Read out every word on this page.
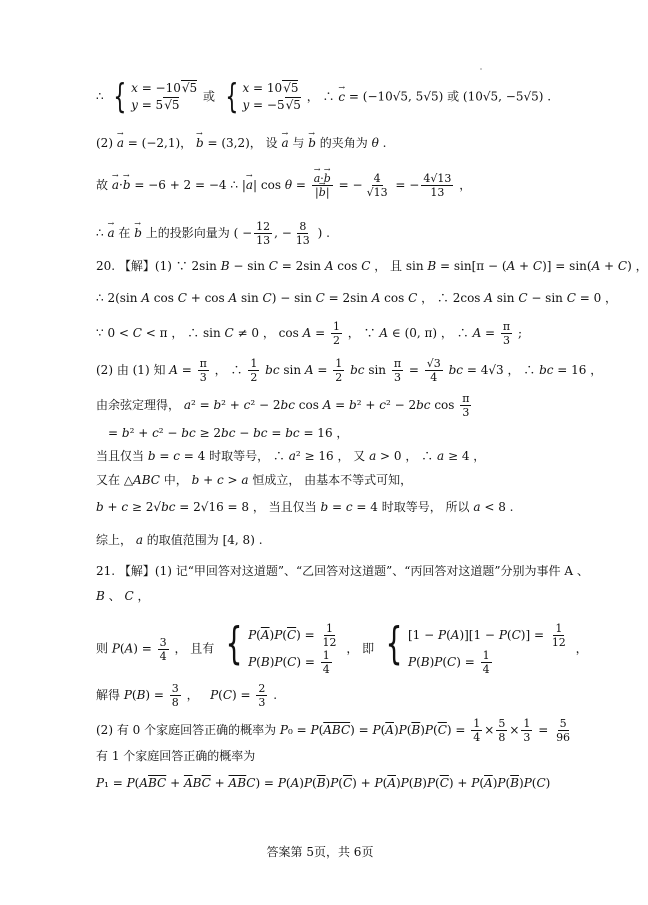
∴ { x = −10√5
y = 5√5
或 { x = 10√5
y = −5√5
， ∴ → c = (−10√5, 5√5) 或 (10√5, −5√5) .
(2) → a = (−2,1)， → b = (3,2)， 设 → a 与 → b 的夹角为 θ .
故 → a·→ b = −6 + 2 = −4 ∴ |→ a| cos θ = → $\frac{a\cdot\to b}{|\to b|}$ = − $\frac{4}{√13}$ = − $\frac{4√13}{13}$ ，
∴ → a 在 → b 上的投影向量为 ( − $\frac{12}{13}$ , − $\frac{8}{13}$ ) .
20. 【解】(1) ∵ 2sin B − sin C = 2sin A cos C ， 且 sin B = sin[π − (A + C)] = sin(A + C) ，
∴ 2(sin A cos C + cos A sin C) − sin C = 2sin A cos C ， ∴ 2cos A sin C − sin C = 0 ，
∵ 0 < C < π ， ∴ sin C ≠ 0 ， $\cos A = \frac{1}{2}$ ， ∵ A ∈ (0, π) ， ∴ $A = \frac{\pi}{3}$ ;
(2) 由 (1) 知 $A = \frac{\pi}{3}$ ， ∴ $\frac{1}{2}$ bc $\sin A = \frac{1}{2}$ bc $\sin \frac{\pi}{3} = \frac{√3}{4}$ bc = 4√3 ， ∴ bc = 16 ，
由余弦定理得， a² = b² + c² − 2bc cos A = b² + c² − 2bc $\cos \frac{\pi}{3}$
= b² + c² − bc ≥ 2bc − bc = bc = 16 ，
当且仅当 b = c = 4 时取等号， ∴ a² ≥ 16 ， 又 a > 0 ， ∴ a ≥ 4 ，
又在 △ABC 中， b + c > a 恒成立， 由基本不等式可知，
b + c ≥ 2√bc = 2√16 = 8 ， 当且仅当 b = c = 4 时取等号， 所以 a < 8 .
综上， a 的取值范围为 [4, 8) .
21. 【解】(1) 记“甲回答对这道题”、“乙回答对这道题”、“丙回答对这道题”分别为事件 A 、
B 、 C ，
则 $P(A) = \frac{3}{4}$ ， 且有 { $P(\overline{A})P(\overline{C}) = \frac{1}{12}$
$P(B)P(C) = \frac{1}{4}$
， 即 { $[1 - P(A)][1 - P(C)] = \frac{1}{12}$
$P(B)P(C) = \frac{1}{4}$
，
解得 $P(B) = \frac{3}{8}$ ，   $P(C) = \frac{2}{3}$ .
(2) 有 0 个家庭回答正确的概率为 $P_0 = P(\overline{ABC}) = P(\overline{A})P(\overline{B})P(\overline{C}) = \frac{1}{4} \times \frac{5}{8} \times \frac{1}{3} = \frac{5}{96}$
有 1 个家庭回答正确的概率为
$P_1 = P(A\overline{BC} + \overline{A}B\overline{C} + \overline{AB}C) = P(A)P(\overline{B})P(\overline{C}) + P(\overline{A})P(B)P(\overline{C}) + P(\overline{A})P(\overline{B})P(C)$
答案第 5页，共 6页
